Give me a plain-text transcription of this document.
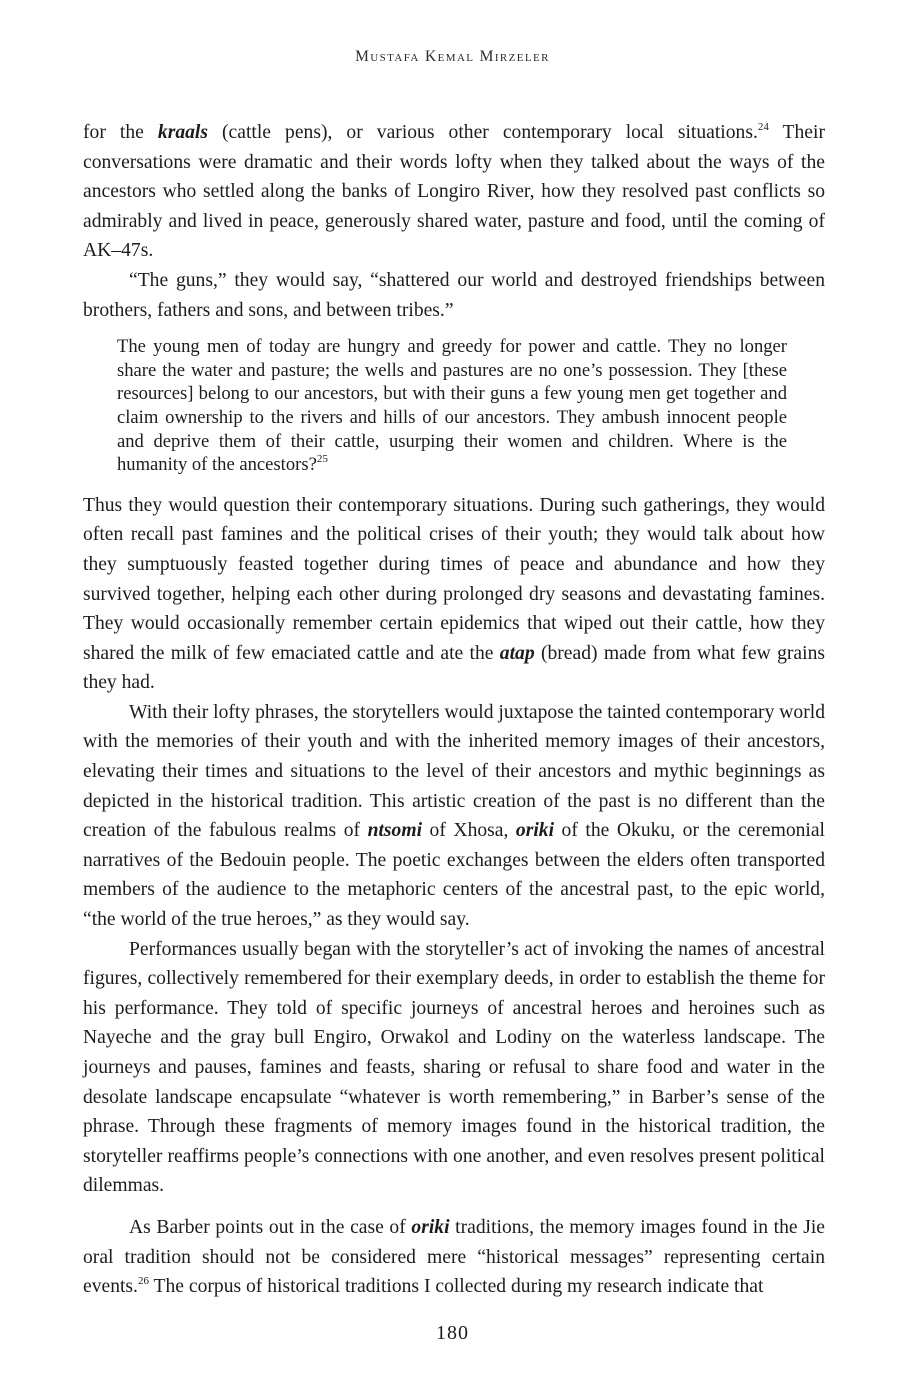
Mustafa Kemal Mirzeler

for the kraals (cattle pens), or various other contemporary local situations.$^{24}$ Their conversations were dramatic and their words lofty when they talked about the ways of the ancestors who settled along the banks of Longiro River, how they resolved past conflicts so admirably and lived in peace, generously shared water, pasture and food, until the coming of AK–47s.

“The guns,” they would say, “shattered our world and destroyed friendships between brothers, fathers and sons, and between tribes.”

The young men of today are hungry and greedy for power and cattle. They no longer share the water and pasture; the wells and pastures are no one’s possession. They [these resources] belong to our ancestors, but with their guns a few young men get together and claim ownership to the rivers and hills of our ancestors. They ambush innocent people and deprive them of their cattle, usurping their women and children. Where is the humanity of the ancestors?$^{25}$

Thus they would question their contemporary situations. During such gatherings, they would often recall past famines and the political crises of their youth; they would talk about how they sumptuously feasted together during times of peace and abundance and how they survived together, helping each other during prolonged dry seasons and devastating famines. They would occasionally remember certain epidemics that wiped out their cattle, how they shared the milk of few emaciated cattle and ate the atap (bread) made from what few grains they had.

With their lofty phrases, the storytellers would juxtapose the tainted contemporary world with the memories of their youth and with the inherited memory images of their ancestors, elevating their times and situations to the level of their ancestors and mythic beginnings as depicted in the historical tradition. This artistic creation of the past is no different than the creation of the fabulous realms of ntsomi of Xhosa, oriki of the Okuku, or the ceremonial narratives of the Bedouin people. The poetic exchanges between the elders often transported members of the audience to the metaphoric centers of the ancestral past, to the epic world, “the world of the true heroes,” as they would say.

Performances usually began with the storyteller’s act of invoking the names of ancestral figures, collectively remembered for their exemplary deeds, in order to establish the theme for his performance. They told of specific journeys of ancestral heroes and heroines such as Nayeche and the gray bull Engiro, Orwakol and Lodiny on the waterless landscape. The journeys and pauses, famines and feasts, sharing or refusal to share food and water in the desolate landscape encapsulate “whatever is worth remembering,” in Barber’s sense of the phrase. Through these fragments of memory images found in the historical tradition, the storyteller reaffirms people’s connections with one another, and even resolves present political dilemmas.

As Barber points out in the case of oriki traditions, the memory images found in the Jie oral tradition should not be considered mere “historical messages” representing certain events.$^{26}$ The corpus of historical traditions I collected during my research indicate that

180
